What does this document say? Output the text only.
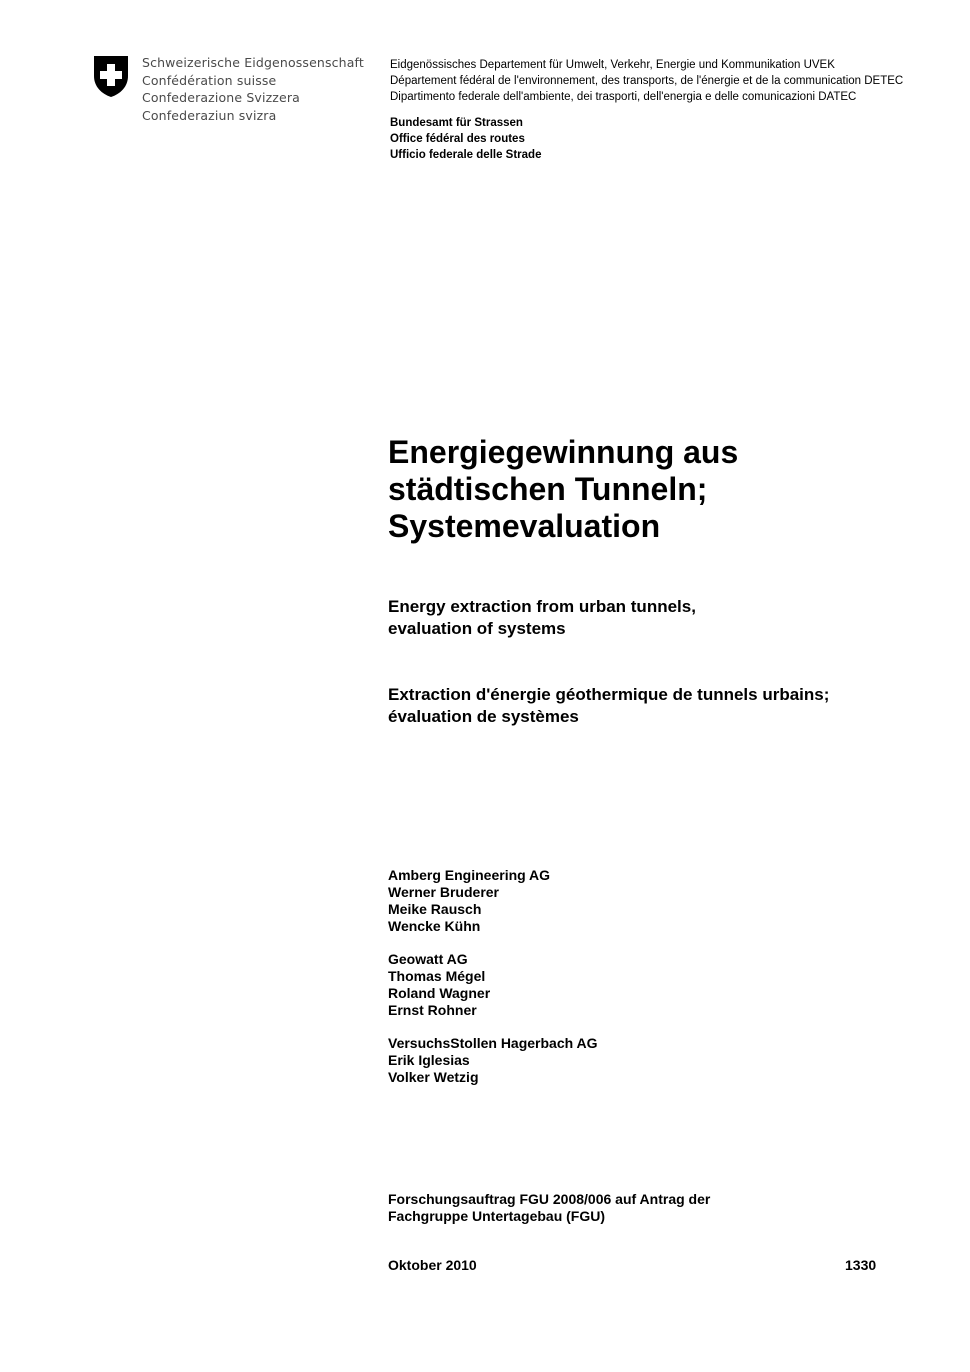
Schweizerische Eidgenossenschaft
Confédération suisse
Confederazione Svizzera
Confederaziun svizra
Eidgenössisches Departement für Umwelt, Verkehr, Energie und Kommunikation UVEK
Département fédéral de l'environnement, des transports, de l'énergie et de la communication DETEC
Dipartimento federale dell'ambiente, dei trasporti, dell'energia e delle comunicazioni DATEC
Bundesamt für Strassen
Office fédéral des routes
Ufficio federale delle Strade
Energiegewinnung aus
städtischen Tunneln;
Systemevaluation
Energy extraction from urban tunnels,
evaluation of systems
Extraction d'énergie géothermique de tunnels urbains;
évaluation de systèmes
Amberg Engineering AG
Werner Bruderer
Meike Rausch
Wencke Kühn
Geowatt AG
Thomas Mégel
Roland Wagner
Ernst Rohner
VersuchsStollen Hagerbach AG
Erik Iglesias
Volker Wetzig
Forschungsauftrag FGU 2008/006 auf Antrag der
Fachgruppe Untertagebau (FGU)
Oktober 2010	1330
